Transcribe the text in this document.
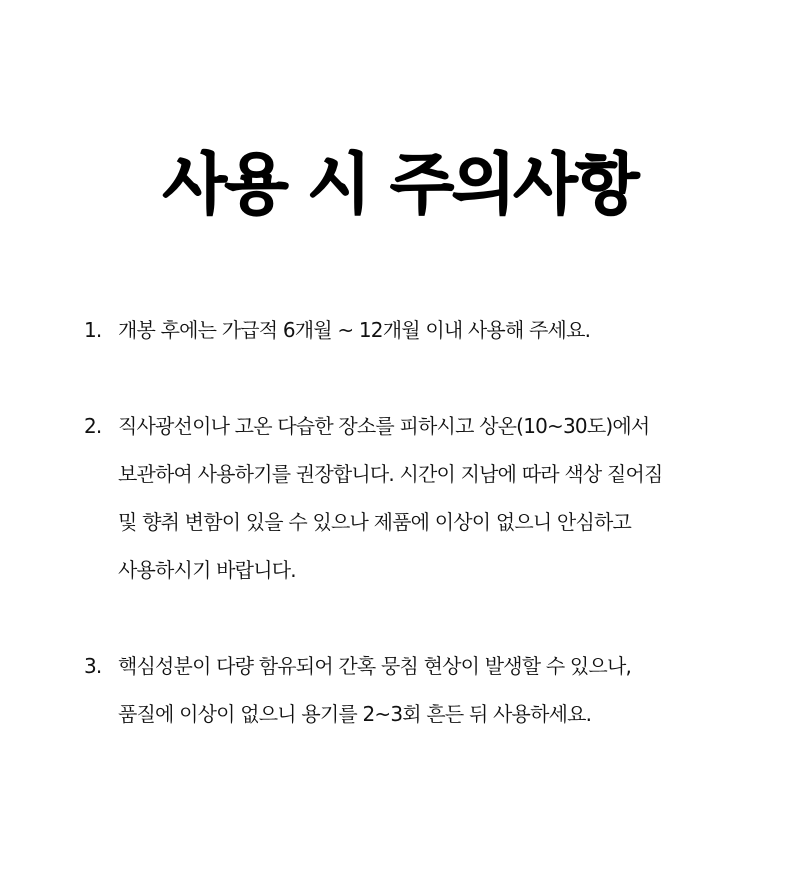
사용 시 주의사항
1. 개봉 후에는 가급적 6개월 ~ 12개월 이내 사용해 주세요.
2. 직사광선이나 고온 다습한 장소를 피하시고 상온(10~30도)에서
보관하여 사용하기를 권장합니다. 시간이 지남에 따라 색상 짙어짐
및 향취 변함이 있을 수 있으나 제품에 이상이 없으니 안심하고
사용하시기 바랍니다.
3. 핵심성분이 다량 함유되어 간혹 뭉침 현상이 발생할 수 있으나,
품질에 이상이 없으니 용기를 2~3회 흔든 뒤 사용하세요.
